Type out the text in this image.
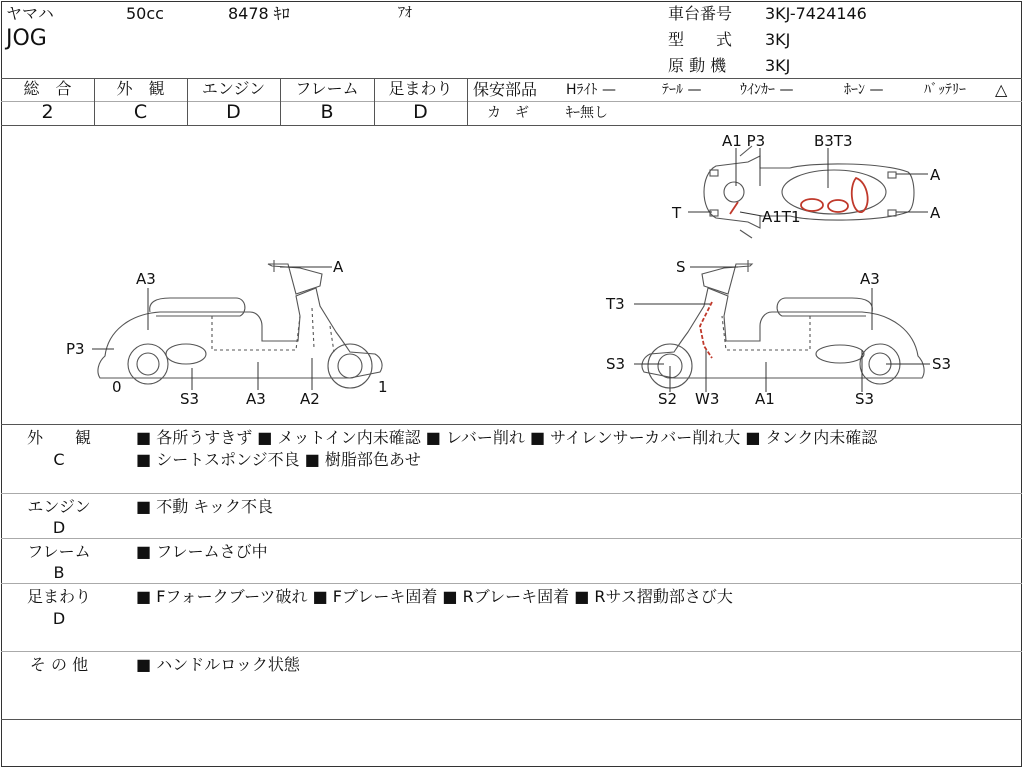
ヤマハ	50cc	8478 ｷﾛ	ｱｵ
JOG
車台番号 3KJ-7424146
型　　式 3KJ
原 動 機 3KJ
総　合
2
外　観
C
エンジン
D
フレーム
B
足まわり
D
保安部品 Hﾗｲﾄ —	ﾃｰﾙ —	ｳｲﾝｶｰ —	ﾎｰﾝ —	ﾊﾞｯﾃﾘｰ △
カ　ギ	ｷｰ無し
A
A3
P3
0	1
S3	A3 A2
S
A3
T3
S3	S3
S2 W3 A1	S3
A1 P3	B3T3
A
T	A1T1	A
外　　観
C
■ 各所うすきず ■ メットイン内未確認 ■ レバー削れ ■ サイレンサーカバー削れ大 ■ タンク内未確認
■ シートスポンジ不良 ■ 樹脂部色あせ
エンジン
D
■ 不動 キック不良
フレーム
B
■ フレームさび中
足まわり
D
■ Fフォークブーツ破れ ■ Fブレーキ固着 ■ Rブレーキ固着 ■ Rサス摺動部さび大
そ の 他	■ ハンドルロック状態
